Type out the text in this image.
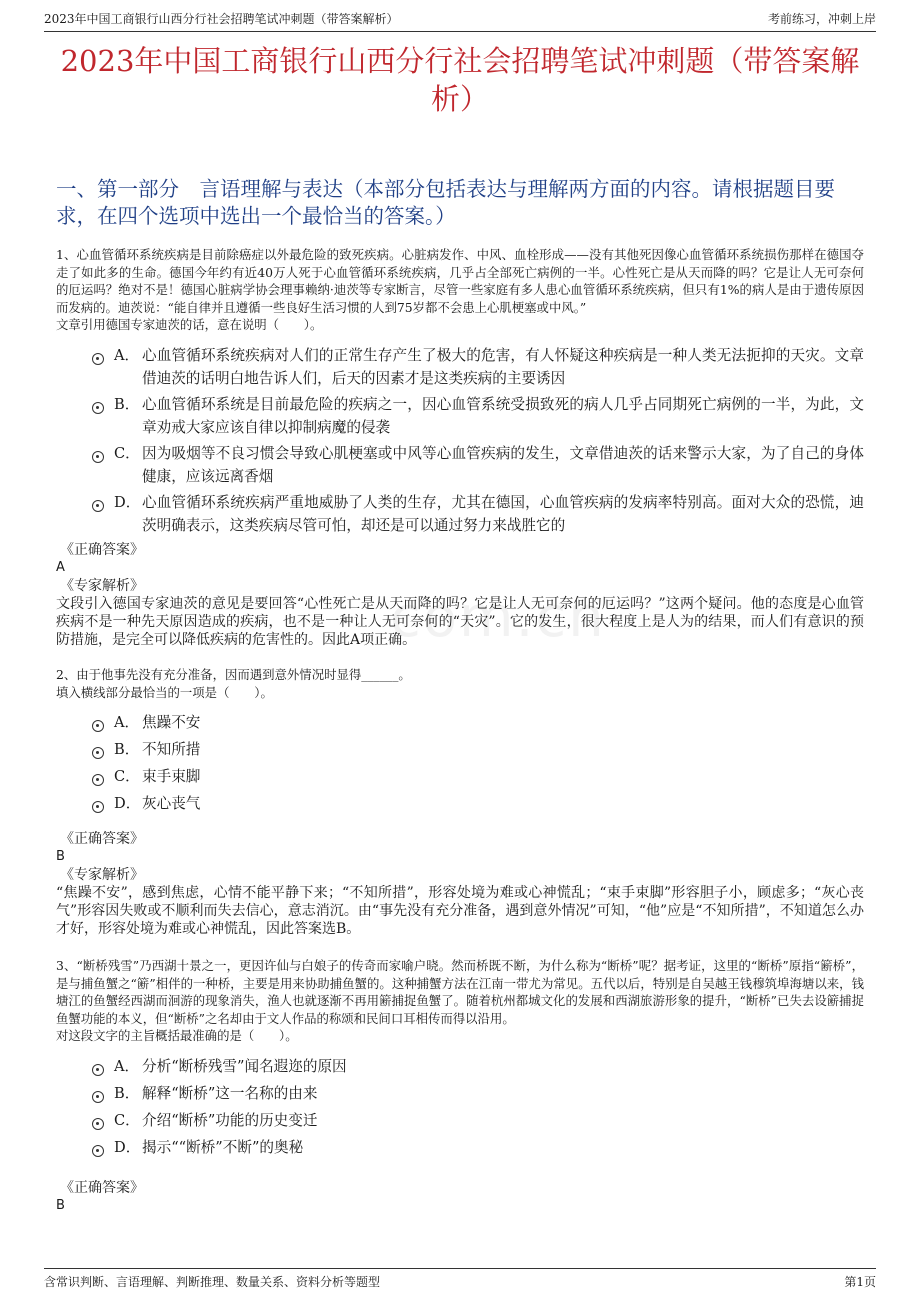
2023年中国工商银行山西分行社会招聘笔试冲刺题（带答案解析）	考前练习，冲刺上岸
2023年中国工商银行山西分行社会招聘笔试冲刺题（带答案解析）
一、第一部分　言语理解与表达（本部分包括表达与理解两方面的内容。请根据题目要求，在四个选项中选出一个最恰当的答案。）
com.cn
1、心血管循环系统疾病是目前除癌症以外最危险的致死疾病。心脏病发作、中风、血栓形成——没有其他死因像心血管循环系统损伤那样在德国夺走了如此多的生命。德国今年约有近40万人死于心血管循环系统疾病，几乎占全部死亡病例的一半。心性死亡是从天而降的吗？它是让人无可奈何的厄运吗？绝对不是！德国心脏病学协会理事赖纳·迪茨等专家断言，尽管一些家庭有多人患心血管循环系统疾病，但只有1%的病人是由于遗传原因而发病的。迪茨说：“能自律并且遵循一些良好生活习惯的人到75岁都不会患上心肌梗塞或中风。”
文章引用德国专家迪茨的话，意在说明（　　）。
A． 心血管循环系统疾病对人们的正常生存产生了极大的危害，有人怀疑这种疾病是一种人类无法扼抑的天灾。文章借迪茨的话明白地告诉人们，后天的因素才是这类疾病的主要诱因
B． 心血管循环系统是目前最危险的疾病之一，因心血管系统受损致死的病人几乎占同期死亡病例的一半，为此，文章劝戒大家应该自律以抑制病魔的侵袭
C． 因为吸烟等不良习惯会导致心肌梗塞或中风等心血管疾病的发生，文章借迪茨的话来警示大家，为了自己的身体健康，应该远离香烟
D． 心血管循环系统疾病严重地威胁了人类的生存，尤其在德国，心血管疾病的发病率特别高。面对大众的恐慌，迪茨明确表示，这类疾病尽管可怕，却还是可以通过努力来战胜它的
《正确答案》
A
《专家解析》
文段引入德国专家迪茨的意见是要回答“心性死亡是从天而降的吗？它是让人无可奈何的厄运吗？”这两个疑问。他的态度是心血管疾病不是一种先天原因造成的疾病，也不是一种让人无可奈何的“天灾”。它的发生，很大程度上是人为的结果，而人们有意识的预防措施，是完全可以降低疾病的危害性的。因此A项正确。
2、由于他事先没有充分准备，因而遇到意外情况时显得______。
填入横线部分最恰当的一项是（　　）。
A． 焦躁不安
B． 不知所措
C． 束手束脚
D． 灰心丧气
《正确答案》
B
《专家解析》
“焦躁不安”，感到焦虑，心情不能平静下来；“不知所措”，形容处境为难或心神慌乱；“束手束脚”形容胆子小，顾虑多；“灰心丧气”形容因失败或不顺利而失去信心，意志消沉。由“事先没有充分准备，遇到意外情况”可知，“他”应是“不知所措”，不知道怎么办才好，形容处境为难或心神慌乱，因此答案选B。
3、“断桥残雪”乃西湖十景之一，更因许仙与白娘子的传奇而家喻户晓。然而桥既不断，为什么称为“断桥”呢？据考证，这里的“断桥”原指“簖桥”，是与捕鱼蟹之“簖”相伴的一种桥，主要是用来协助捕鱼蟹的。这种捕蟹方法在江南一带尤为常见。五代以后，特别是自吴越王钱穆筑埠海塘以来，钱塘江的鱼蟹经西湖而洄游的现象消失，渔人也就逐渐不再用簖捕捉鱼蟹了。随着杭州都城文化的发展和西湖旅游形象的提升，“断桥”已失去设簖捕捉鱼蟹功能的本义，但“断桥”之名却由于文人作品的称颂和民间口耳相传而得以沿用。
对这段文字的主旨概括最准确的是（　　）。
A． 分析“断桥残雪”闻名遐迩的原因
B． 解释“断桥”这一名称的由来
C． 介绍“断桥”功能的历史变迁
D． 揭示““断桥”不断”的奥秘
《正确答案》
B
含常识判断、言语理解、判断推理、数量关系、资料分析等题型	第1页
